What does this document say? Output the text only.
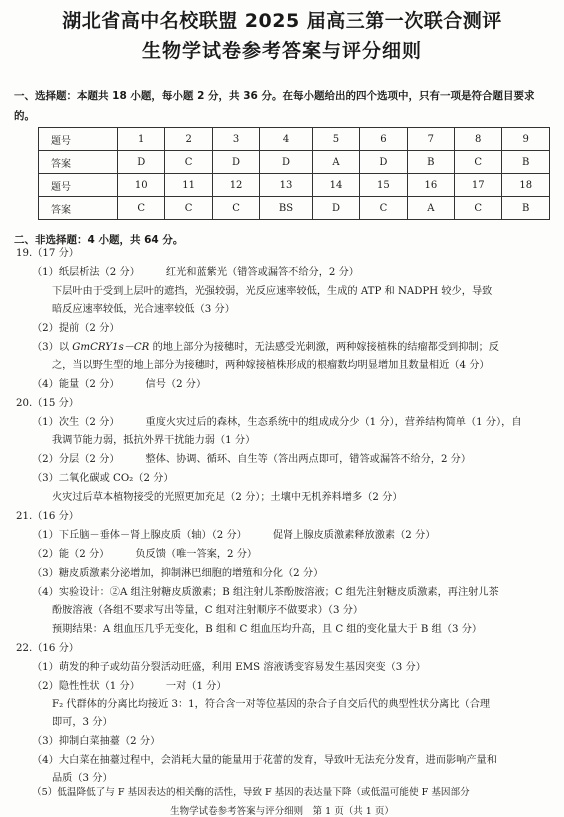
湖北省高中名校联盟 2025 届高三第一次联合测评
生物学试卷参考答案与评分细则
一、选择题：本题共 18 小题，每小题 2 分，共 36 分。在每小题给出的四个选项中，只有一项是符合题目要求的。
题号	1	2	3	4	5	6	7	8	9
答案	D	C	D	D	A	D	B	C	B
题号	10	11	12	13	14	15	16	17	18
答案	C	C	C	BS	D	C	A	C	B
二、非选择题：4 小题，共 64 分。
19.（17 分）
（1）纸层析法（2 分）	红光和蓝紫光（错答或漏答不给分，2 分）
下层叶由于受到上层叶的遮挡，光强较弱，光反应速率较低，生成的 ATP 和 NADPH 较少，导致
暗反应速率较低，光合速率较低（3 分）
（2）提前（2 分）
（3）以 GmCRY1s－CR 的地上部分为接穗时，无法感受光刺激，两种嫁接植株的结瘤都受到抑制；反
之，当以野生型的地上部分为接穗时，两种嫁接植株形成的根瘤数均明显增加且数量相近（4 分）
（4）能量（2 分）	信号（2 分）
20.（15 分）
（1）次生（2 分）	重度火灾过后的森林，生态系统中的组成成分少（1 分），营养结构简单（1 分），自
我调节能力弱，抵抗外界干扰能力弱（1 分）
（2）分层（2 分）	整体、协调、循环、自生等（答出两点即可，错答或漏答不给分，2 分）
（3）二氧化碳或 CO₂（2 分）
火灾过后草本植物接受的光照更加充足（2 分）；土壤中无机养料增多（2 分）
21.（16 分）
（1）下丘脑－垂体－肾上腺皮质（轴）（2 分）	促肾上腺皮质激素释放激素（2 分）
（2）能（2 分）	负反馈（唯一答案，2 分）
（3）糖皮质激素分泌增加，抑制淋巴细胞的增殖和分化（2 分）
（4）实验设计：②A 组注射糖皮质激素；B 组注射儿茶酚胺溶液；C 组先注射糖皮质激素，再注射儿茶
酚胺溶液（各组不要求写出等量，C 组对注射顺序不做要求）（3 分）
预期结果：A 组血压几乎无变化，B 组和 C 组血压均升高，且 C 组的变化量大于 B 组（3 分）
22.（16 分）
（1）萌发的种子或幼苗分裂活动旺盛，利用 EMS 溶液诱变容易发生基因突变（3 分）
（2）隐性性状（1 分）	一对（1 分）
F₂ 代群体的分离比均接近 3：1，符合含一对等位基因的杂合子自交后代的典型性状分离比（合理
即可，3 分）
（3）抑制白菜抽薹（2 分）
（4）大白菜在抽薹过程中，会消耗大量的能量用于花蕾的发育，导致叶无法充分发育，进而影响产量和
品质（3 分）
（5）低温降低了与 F 基因表达的相关酶的活性，导致 F 基因的表达量下降（或低温可能使 F 基因部分
生物学试卷参考答案与评分细则　第 1 页（共 1 页）
